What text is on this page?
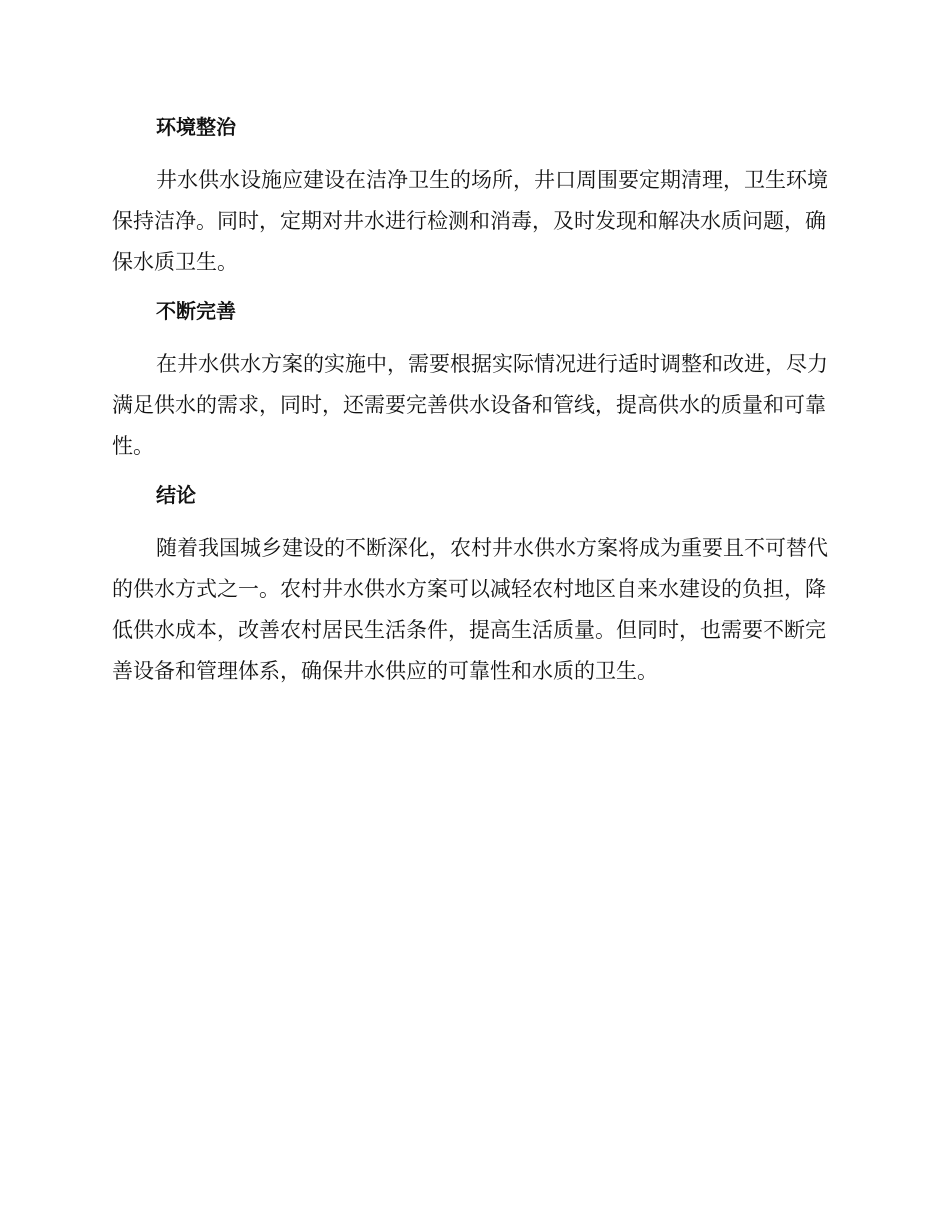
环境整治

井水供水设施应建设在洁净卫生的场所，井口周围要定期清理，卫生环境保持洁净。同时，定期对井水进行检测和消毒，及时发现和解决水质问题，确保水质卫生。

不断完善

在井水供水方案的实施中，需要根据实际情况进行适时调整和改进，尽力满足供水的需求，同时，还需要完善供水设备和管线，提高供水的质量和可靠性。

结论

随着我国城乡建设的不断深化，农村井水供水方案将成为重要且不可替代的供水方式之一。农村井水供水方案可以减轻农村地区自来水建设的负担，降低供水成本，改善农村居民生活条件，提高生活质量。但同时，也需要不断完善设备和管理体系，确保井水供应的可靠性和水质的卫生。
